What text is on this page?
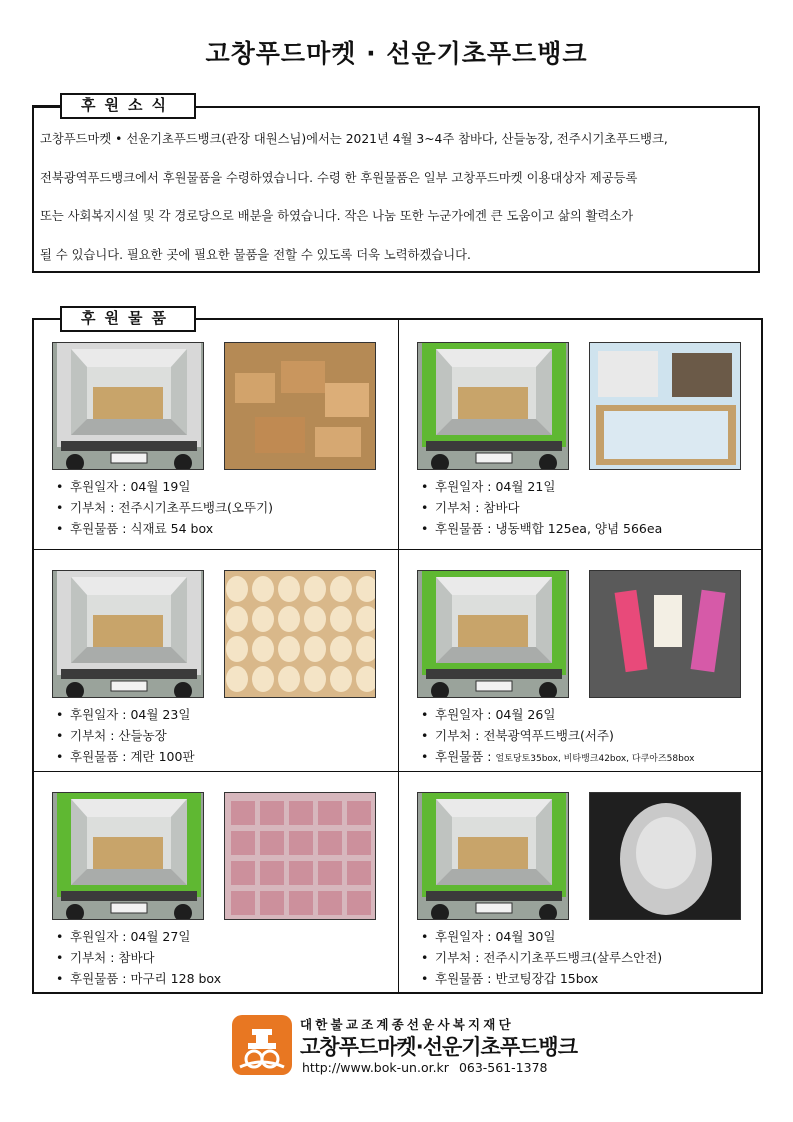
고창푸드마켓 · 선운기초푸드뱅크
고창푸드마켓 • 선운기초푸드뱅크(관장 대원스님)에서는 2021년 4월 3~4주 참바다, 산들농장, 전주시기초푸드뱅크,
전북광역푸드뱅크에서 후원물품을 수령하였습니다. 수령 한 후원물품은 일부 고창푸드마켓 이용대상자 제공등록
또는 사회복지시설 및 각 경로당으로 배분을 하였습니다. 작은 나눔 또한 누군가에겐 큰 도움이고 삶의 활력소가
될 수 있습니다. 필요한 곳에 필요한 물품을 전할 수 있도록 더욱 노력하겠습니다.
후원소식
후원물품
• 후원일자 : 04월 19일
• 기부처 : 전주시기초푸드뱅크(오뚜기)
• 후원물품 : 식재료 54 box
• 후원일자 : 04월 21일
• 기부처 : 참바다
• 후원물품 : 냉동백합 125ea, 양념 566ea
• 후원일자 : 04월 23일
• 기부처 : 산들농장
• 후원물품 : 계란 100판
• 후원일자 : 04월 26일
• 기부처 : 전북광역푸드뱅크(서주)
• 후원물품 : 얼토당토35box, 비타뱅크42box, 다쿠아즈58box
• 후원일자 : 04월 27일
• 기부처 : 참바다
• 후원물품 : 마구리 128 box
• 후원일자 : 04월 30일
• 기부처 : 전주시기초푸드뱅크(살루스안전)
• 후원물품 : 반코팅장갑 15box
대한불교조계종선운사복지재단
고창푸드마켓·선운기초푸드뱅크
http://www.bok-un.or.kr 063-561-1378
